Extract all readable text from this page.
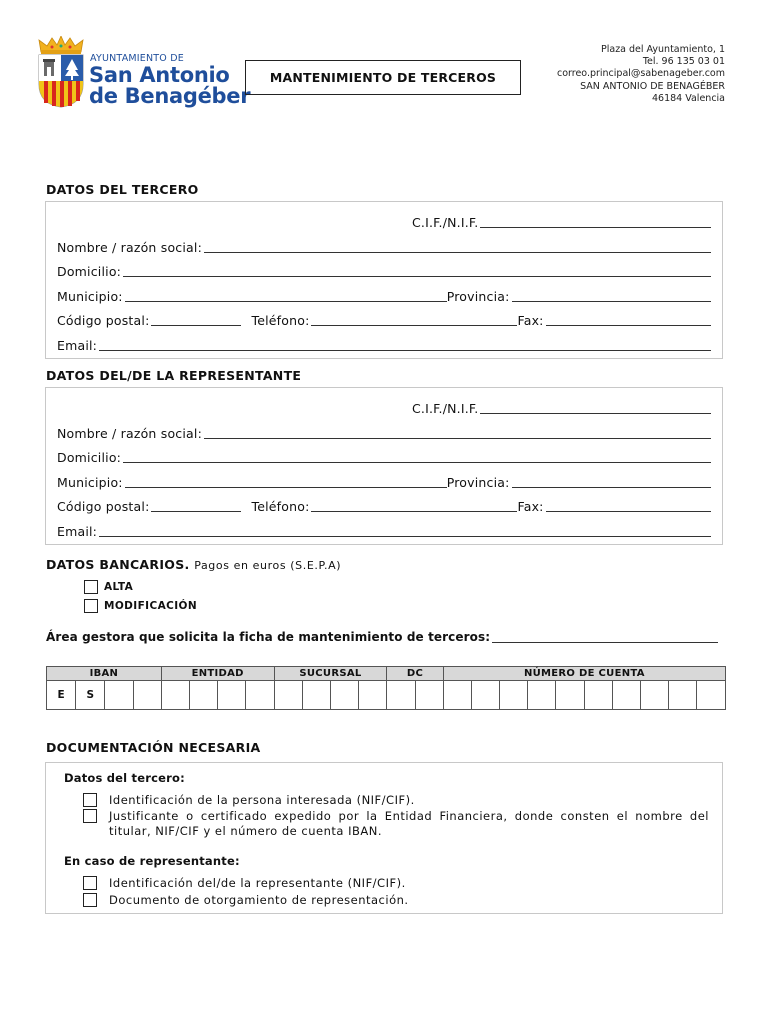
AYUNTAMIENTO DE
San Antonio
de Benagéber
MANTENIMIENTO DE TERCEROS
Plaza del Ayuntamiento, 1
Tel. 96 135 03 01
correo.principal@sabenageber.com
SAN ANTONIO DE BENAGÉBER
46184 Valencia
DATOS DEL TERCERO
C.I.F./N.I.F.
Nombre / razón social:
Domicilio:
Municipio:	Provincia:
Código postal:	Teléfono:	Fax:
Email:
DATOS DEL/DE LA REPRESENTANTE
C.I.F./N.I.F.
Nombre / razón social:
Domicilio:
Municipio:	Provincia:
Código postal:	Teléfono:	Fax:
Email:
DATOS BANCARIOS. Pagos en euros (S.E.P.A)
ALTA
MODIFICACIÓN
Área gestora que solicita la ficha de mantenimiento de terceros:
IBAN				ENTIDAD				SUCURSAL				DC		NÚMERO DE CUENTA									
E	S																						
DOCUMENTACIÓN NECESARIA
Datos del tercero:
Identificación de la persona interesada (NIF/CIF).
Justificante o certificado expedido por la Entidad Financiera, donde consten el nombre del titular, NIF/CIF y el número de cuenta IBAN.
En caso de representante:
Identificación del/de la representante (NIF/CIF).
Documento de otorgamiento de representación.
